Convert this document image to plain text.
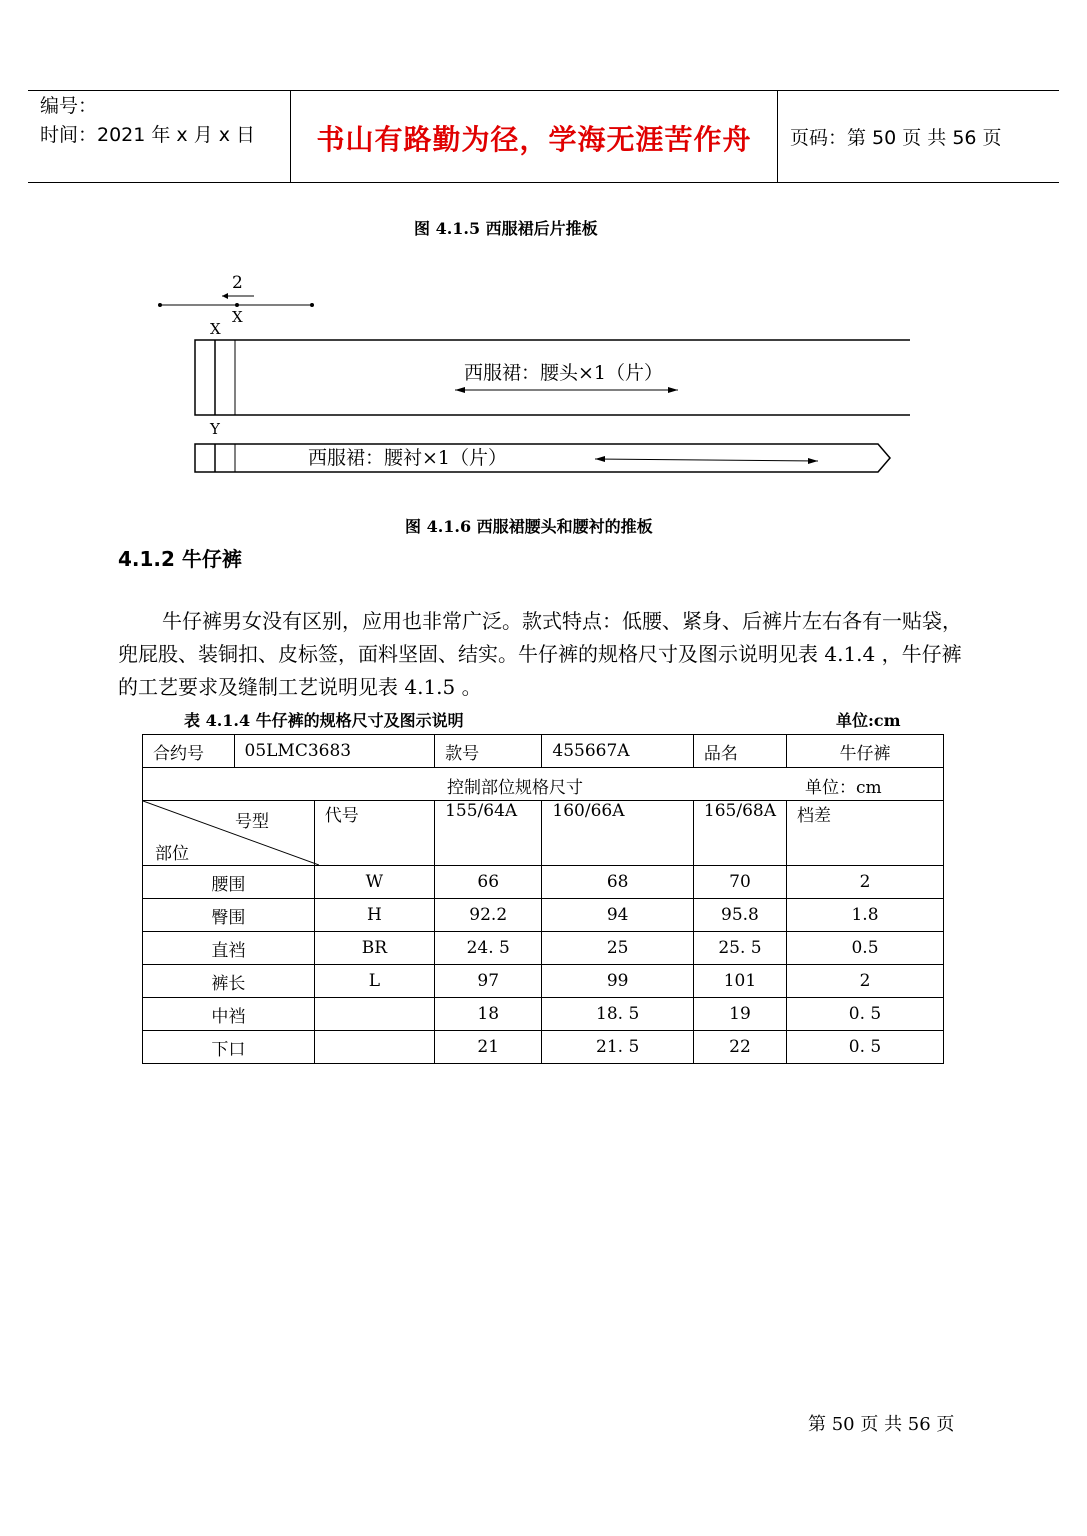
编号：
时间：2021 年 x 月 x 日	书山有路勤为径，学海无涯苦作舟	页码：第 50 页 共 56 页
图 4.1.5 西服裙后片推板
2
X
X
西服裙：腰头×1（片）
Y
西服裙：腰衬×1（片）
图 4.1.6 西服裙腰头和腰衬的推板
4.1.2 牛仔裤
牛仔裤男女没有区别，应用也非常广泛。款式特点：低腰、紧身、后裤片左右各有一贴袋，兜屁股、装铜扣、皮标签，面料坚固、结实。牛仔裤的规格尺寸及图示说明见表 4.1.4 ，牛仔裤的工艺要求及缝制工艺说明见表 4.1.5 。
表 4.1.4 牛仔裤的规格尺寸及图示说明	单位:cm
合约号	05LMC3683		款号	455667A	品名	牛仔裤

控制部位规格尺寸 单位：cm						

号型
部位		代号	155/64A	160/66A	165/68A	档差
腰围		W	66	68	70	2
臀围		H	92.2	94	95.8	1.8
直裆		BR	24. 5	25	25. 5	0.5
裤长		L	97	99	101	2
中裆			18	18. 5	19	0. 5
下口			21	21. 5	22	0. 5
第 50 页 共 56 页
